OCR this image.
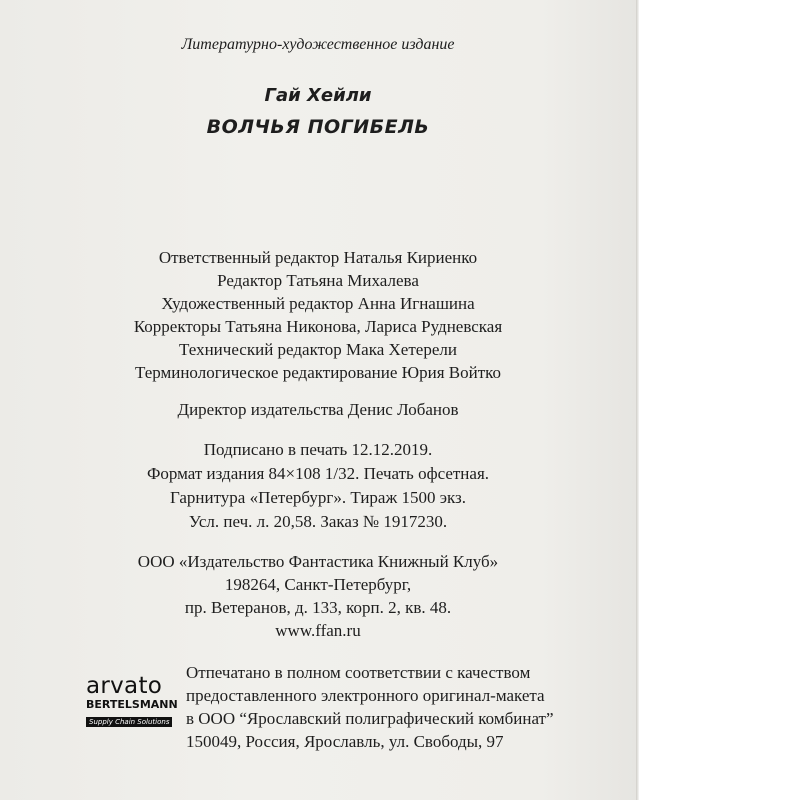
Литературно-художественное издание
Гай Хейли
ВОЛЧЬЯ ПОГИБЕЛЬ
Ответственный редактор Наталья Кириенко
Редактор Татьяна Михалева
Художественный редактор Анна Игнашина
Корректоры Татьяна Никонова, Лариса Рудневская
Технический редактор Мака Хетерели
Терминологическое редактирование Юрия Войтко
Директор издательства Денис Лобанов
Подписано в печать 12.12.2019.
Формат издания 84×108 1/32. Печать офсетная.
Гарнитура «Петербург». Тираж 1500 экз.
Усл. печ. л. 20,58. Заказ № 1917230.
ООО «Издательство Фантастика Книжный Клуб»
198264, Санкт-Петербург,
пр. Ветеранов, д. 133, корп. 2, кв. 48.
www.ffan.ru
arvato
BERTELSMANN
Supply Chain Solutions
Отпечатано в полном соответствии с качеством
предоставленного электронного оригинал-макета
в ООО “Ярославский полиграфический комбинат”
150049, Россия, Ярославль, ул. Свободы, 97
